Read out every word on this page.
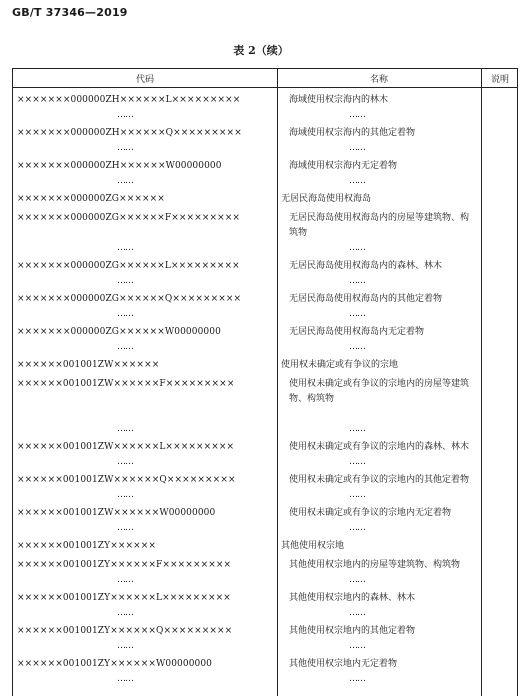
GB/T 37346—2019
表 2（续）
代码	名称	说明
×××××××000000ZH××××××L×××××××××	海域使用权宗海内的林木
……	……
×××××××000000ZH××××××Q×××××××××	海域使用权宗海内的其他定着物
……	……
×××××××000000ZH××××××W00000000	海域使用权宗海内无定着物
……	……
×××××××000000ZG××××××	无居民海岛使用权海岛
×××××××000000ZG××××××F×××××××××	无居民海岛使用权海岛内的房屋等建筑物、构筑物
……	……
×××××××000000ZG××××××L×××××××××	无居民海岛使用权海岛内的森林、林木
……	……
×××××××000000ZG××××××Q×××××××××	无居民海岛使用权海岛内的其他定着物
……	……
×××××××000000ZG××××××W00000000	无居民海岛使用权海岛内无定着物
……	……
××××××001001ZW××××××	使用权未确定或有争议的宗地
××××××001001ZW××××××F×××××××××	使用权未确定或有争议的宗地内的房屋等建筑物、构筑物
……	……
××××××001001ZW××××××L×××××××××	使用权未确定或有争议的宗地内的森林、林木
……	……
××××××001001ZW××××××Q×××××××××	使用权未确定或有争议的宗地内的其他定着物
……	……
××××××001001ZW××××××W00000000	使用权未确定或有争议的宗地内无定着物
……	……
××××××001001ZY××××××	其他使用权宗地
××××××001001ZY××××××F×××××××××	其他使用权宗地内的房屋等建筑物、构筑物
……	……
××××××001001ZY××××××L×××××××××	其他使用权宗地内的森林、林木
……	……
××××××001001ZY××××××Q×××××××××	其他使用权宗地内的其他定着物
……	……
××××××001001ZY××××××W00000000	其他使用权宗地内无定着物
……	……
